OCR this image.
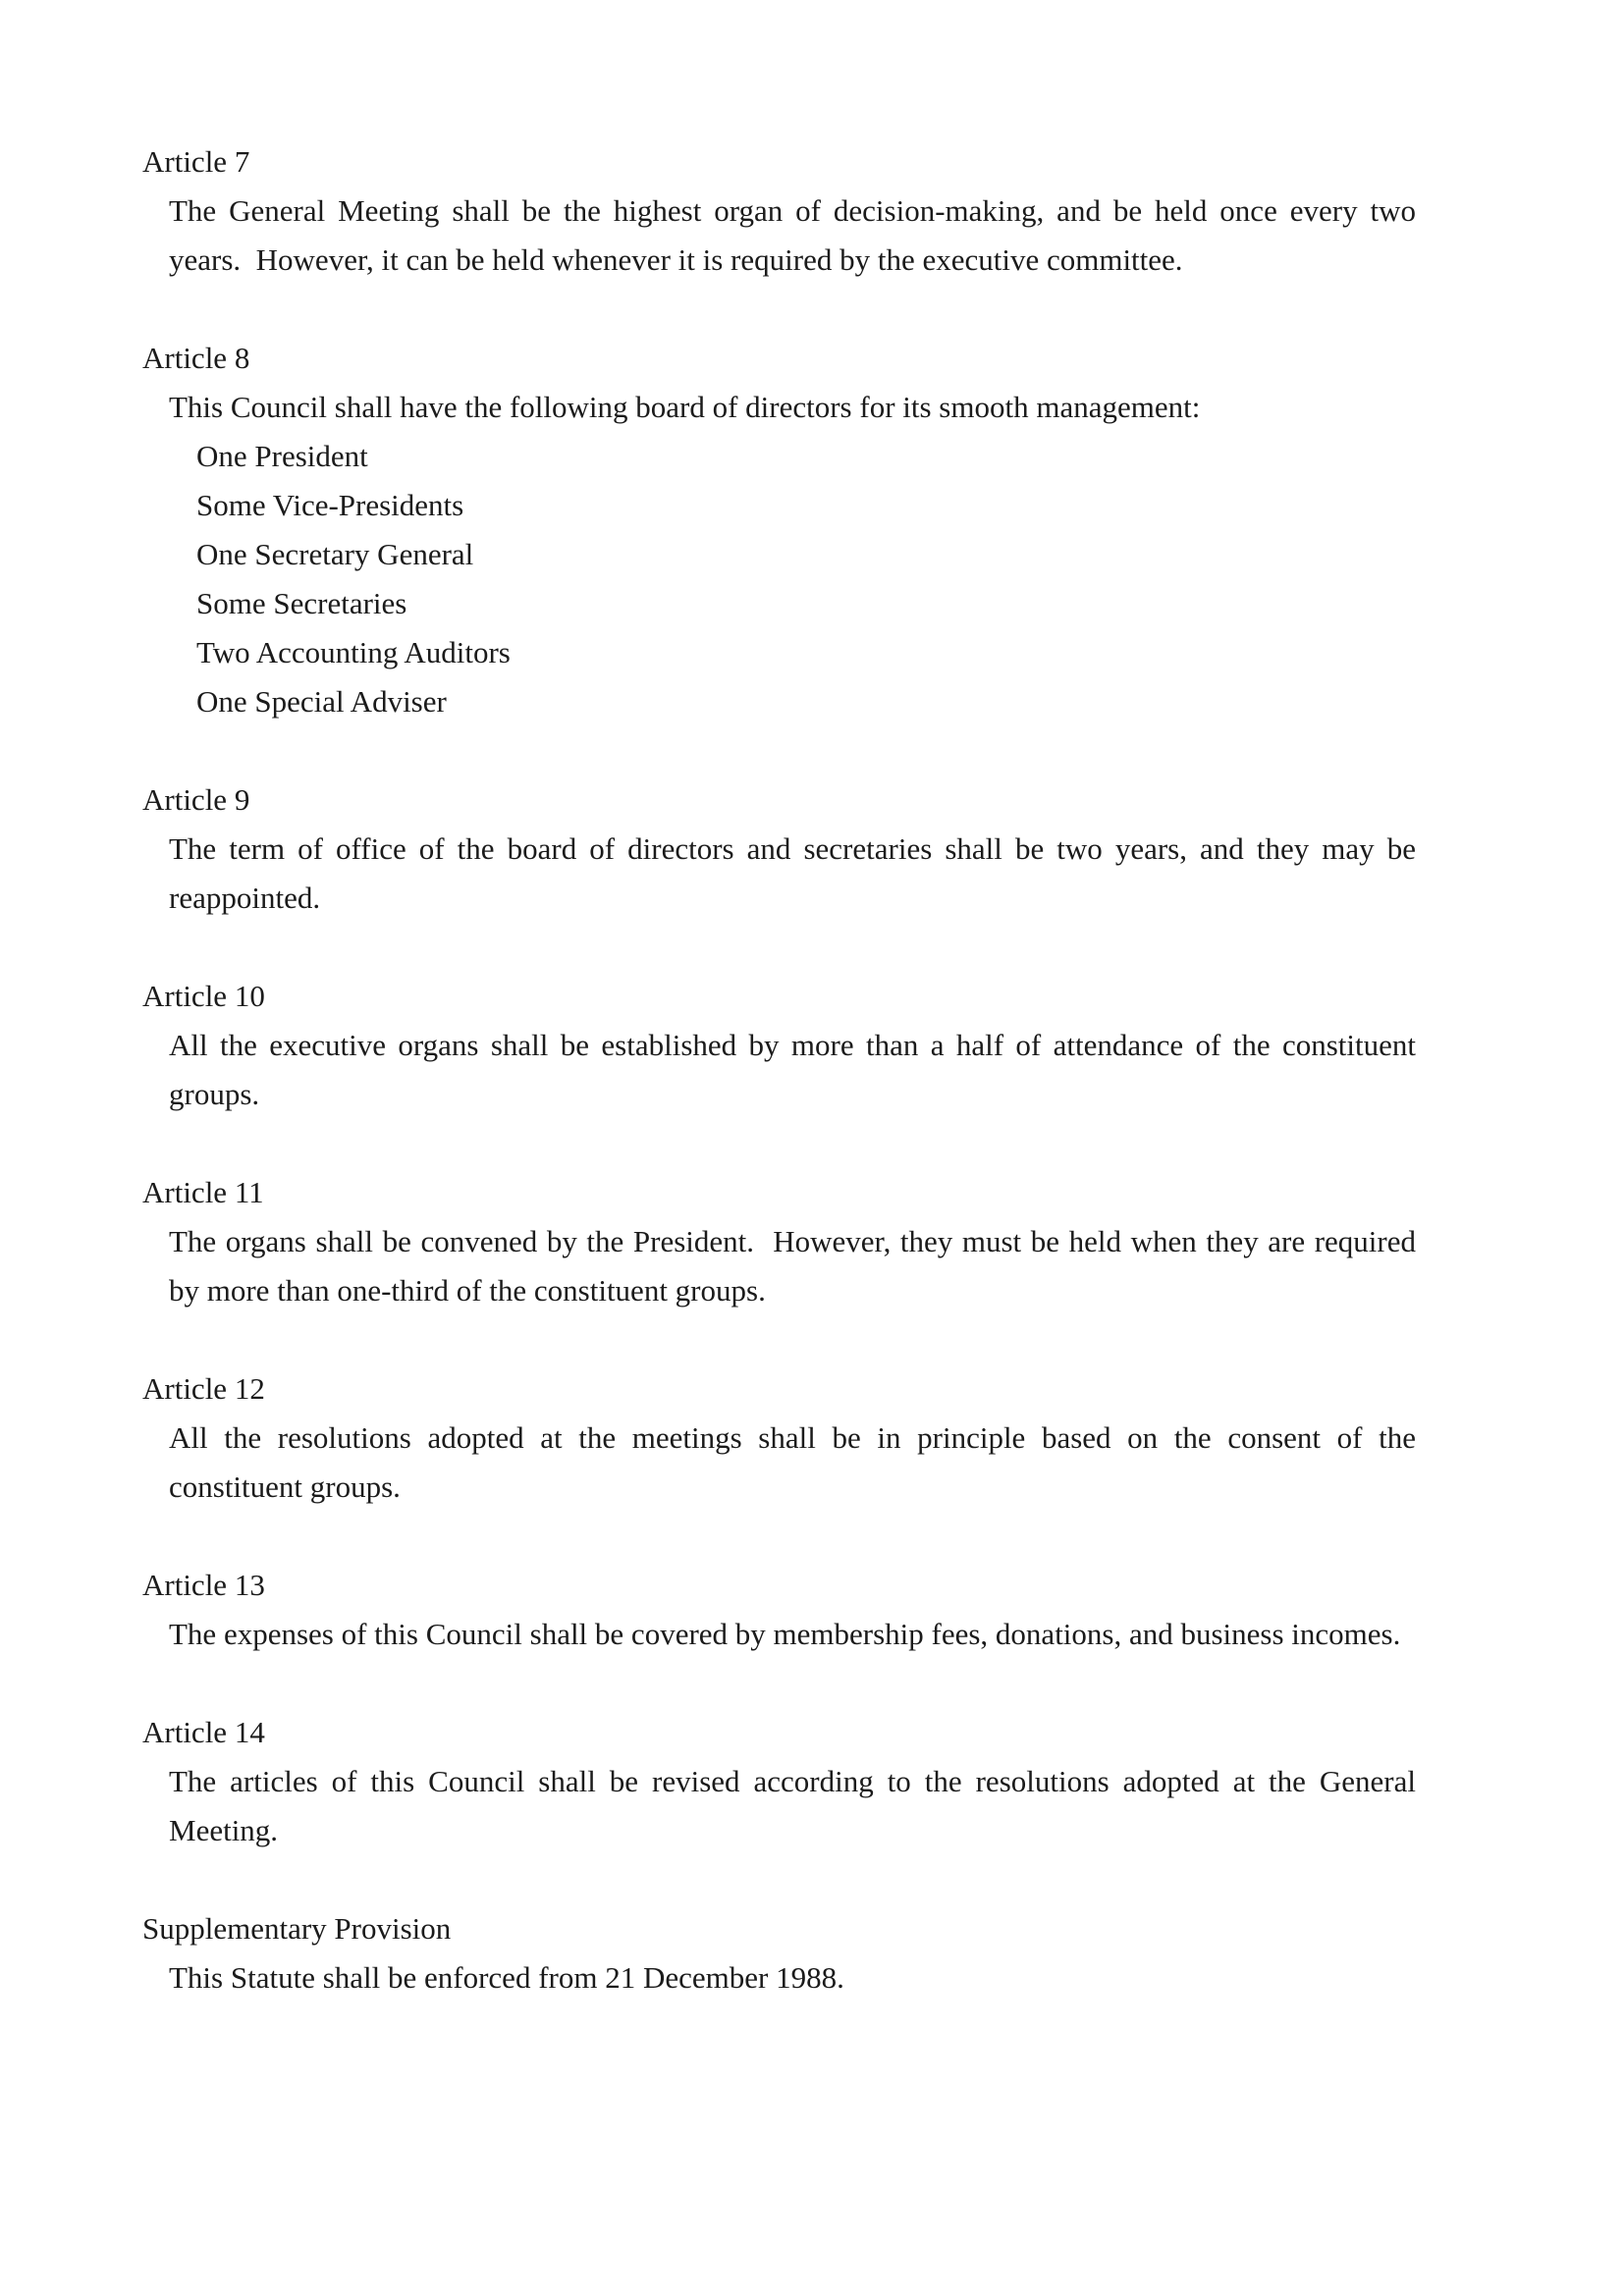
Article 7

The General Meeting shall be the highest organ of decision-making, and be held once every two years.  However, it can be held whenever it is required by the executive committee.

Article 8

This Council shall have the following board of directors for its smooth management:

One President
Some Vice-Presidents
One Secretary General
Some Secretaries
Two Accounting Auditors
One Special Adviser
Article 9

The term of office of the board of directors and secretaries shall be two years, and they may be reappointed.

Article 10

All the executive organs shall be established by more than a half of attendance of the constituent groups.

Article 11

The organs shall be convened by the President.  However, they must be held when they are required by more than one-third of the constituent groups.

Article 12

All the resolutions adopted at the meetings shall be in principle based on the consent of the constituent groups.

Article 13

The expenses of this Council shall be covered by membership fees, donations, and business incomes.

Article 14

The articles of this Council shall be revised according to the resolutions adopted at the General Meeting.

Supplementary Provision

This Statute shall be enforced from 21 December 1988.
